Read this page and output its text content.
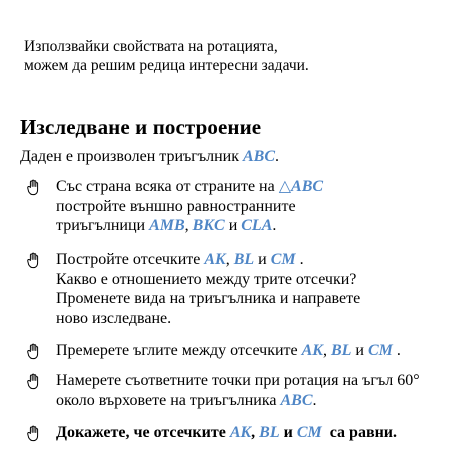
Използвайки свойствата на ротацията,
можем да решим редица интересни задачи.
Изследване и построение
Даден е произволен триъгълник ABC.
Със страна всяка от страните на △ABC
постройте външно равностранните
триъгълници AMB, BKC и CLA.
Постройте отсечките AK, BL и CM .
Какво е отношението между трите отсечки?
Променете вида на триъгълника и направете
ново изследване.
Премерете ъглите между отсечките AK, BL и CM .
Намерете съответните точки при ротация на ъгъл 60°
около върховете на триъгълника ABC.
Докажете, че отсечките AK, BL и CM  са равни.
